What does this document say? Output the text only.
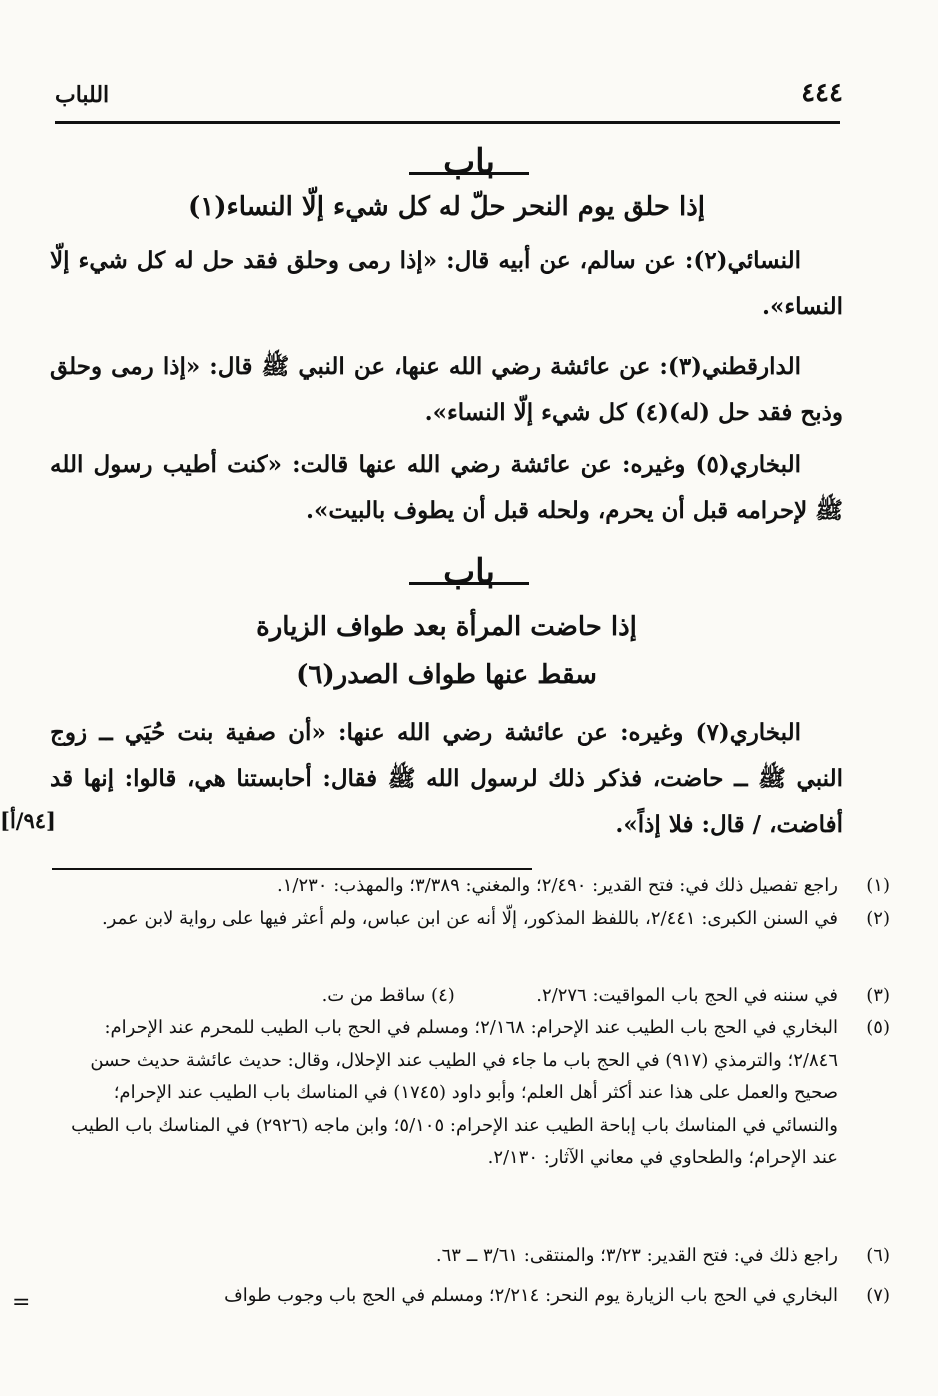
٤٤٤
اللباب
باب
إذا حلق يوم النحر حلّ له كل شيء إلّا النساء(١)
النسائي(٢): عن سالم، عن أبيه قال: «إذا رمى وحلق فقد حل له كل شيء إلّا النساء».
الدارقطني(٣): عن عائشة رضي الله عنها، عن النبي ﷺ قال: «إذا رمى وحلق وذبح فقد حل (له)(٤) كل شيء إلّا النساء».
البخاري(٥) وغيره: عن عائشة رضي الله عنها قالت: «كنت أطيب رسول الله ﷺ لإحرامه قبل أن يحرم، ولحله قبل أن يطوف بالبيت».
باب
إذا حاضت المرأة بعد طواف الزيارة
سقط عنها طواف الصدر(٦)
البخاري(٧) وغيره: عن عائشة رضي الله عنها: «أن صفية بنت حُيَي ــ زوج النبي ﷺ ــ حاضت، فذكر ذلك لرسول الله ﷺ فقال: أحابستنا هي، قالوا: إنها قد أفاضت، / قال: فلا إذاً».
[٩٤/أ]
(١)
راجع تفصيل ذلك في: فتح القدير: ٢/٤٩٠؛ والمغني: ٣/٣٨٩؛ والمهذب: ١/٢٣٠.
(٢)
في السنن الكبرى: ٢/٤٤١، باللفظ المذكور، إلّا أنه عن ابن عباس، ولم أعثر فيها على رواية لابن عمر.
(٣)
في سننه في الحج باب المواقيت: ٢/٢٧٦.  (٤) ساقط من ت.
(٥)
البخاري في الحج باب الطيب عند الإحرام: ٢/١٦٨؛ ومسلم في الحج باب الطيب للمحرم عند الإحرام: ٢/٨٤٦؛ والترمذي (٩١٧) في الحج باب ما جاء في الطيب عند الإحلال، وقال: حديث عائشة حديث حسن صحيح والعمل على هذا عند أكثر أهل العلم؛ وأبو داود (١٧٤٥) في المناسك باب الطيب عند الإحرام؛ والنسائي في المناسك باب إباحة الطيب عند الإحرام: ٥/١٠٥؛ وابن ماجه (٢٩٢٦) في المناسك باب الطيب عند الإحرام؛ والطحاوي في معاني الآثار: ٢/١٣٠.
(٦)
راجع ذلك في: فتح القدير: ٣/٢٣؛ والمنتقى: ٣/٦١ ــ ٦٣.
(٧)
البخاري في الحج باب الزيارة يوم النحر: ٢/٢١٤؛ ومسلم في الحج باب وجوب طواف
=
